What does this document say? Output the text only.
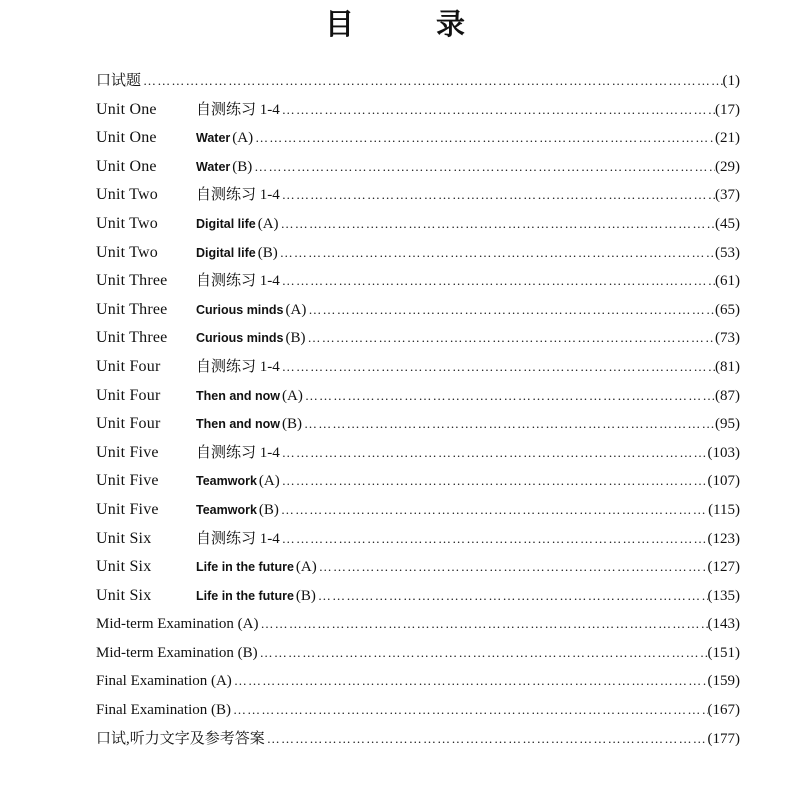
目 录
口试题 ………………………………………………………………………………………………………………………………………………………………………………………………	(1)
Unit One	自测练习 1-4 ………………………………………………………………………………………………………………………………………………………………………………………………	(17)
Unit One	Water (A) ………………………………………………………………………………………………………………………………………………………………………………………………	(21)
Unit One	Water (B) ………………………………………………………………………………………………………………………………………………………………………………………………	(29)
Unit Two	自测练习 1-4 ………………………………………………………………………………………………………………………………………………………………………………………………	(37)
Unit Two	Digital life (A) ………………………………………………………………………………………………………………………………………………………………………………………………	(45)
Unit Two	Digital life (B) ………………………………………………………………………………………………………………………………………………………………………………………………	(53)
Unit Three	自测练习 1-4 ………………………………………………………………………………………………………………………………………………………………………………………………	(61)
Unit Three	Curious minds (A) ………………………………………………………………………………………………………………………………………………………………………………………………	(65)
Unit Three	Curious minds (B) ………………………………………………………………………………………………………………………………………………………………………………………………	(73)
Unit Four	自测练习 1-4 ………………………………………………………………………………………………………………………………………………………………………………………………	(81)
Unit Four	Then and now (A) ………………………………………………………………………………………………………………………………………………………………………………………………	(87)
Unit Four	Then and now (B) ………………………………………………………………………………………………………………………………………………………………………………………………	(95)
Unit Five	自测练习 1-4 ………………………………………………………………………………………………………………………………………………………………………………………………	(103)
Unit Five	Teamwork (A) ………………………………………………………………………………………………………………………………………………………………………………………………	(107)
Unit Five	Teamwork (B) ………………………………………………………………………………………………………………………………………………………………………………………………	(115)
Unit Six	自测练习 1-4 ………………………………………………………………………………………………………………………………………………………………………………………………	(123)
Unit Six	Life in the future (A) ………………………………………………………………………………………………………………………………………………………………………………………………	(127)
Unit Six	Life in the future (B) ………………………………………………………………………………………………………………………………………………………………………………………………	(135)
Mid-term Examination (A) ………………………………………………………………………………………………………………………………………………………………………………………………	(143)
Mid-term Examination (B) ………………………………………………………………………………………………………………………………………………………………………………………………	(151)
Final Examination (A) ………………………………………………………………………………………………………………………………………………………………………………………………	(159)
Final Examination (B) ………………………………………………………………………………………………………………………………………………………………………………………………	(167)
口试,听力文字及参考答案 ………………………………………………………………………………………………………………………………………………………………………………………………	(177)
